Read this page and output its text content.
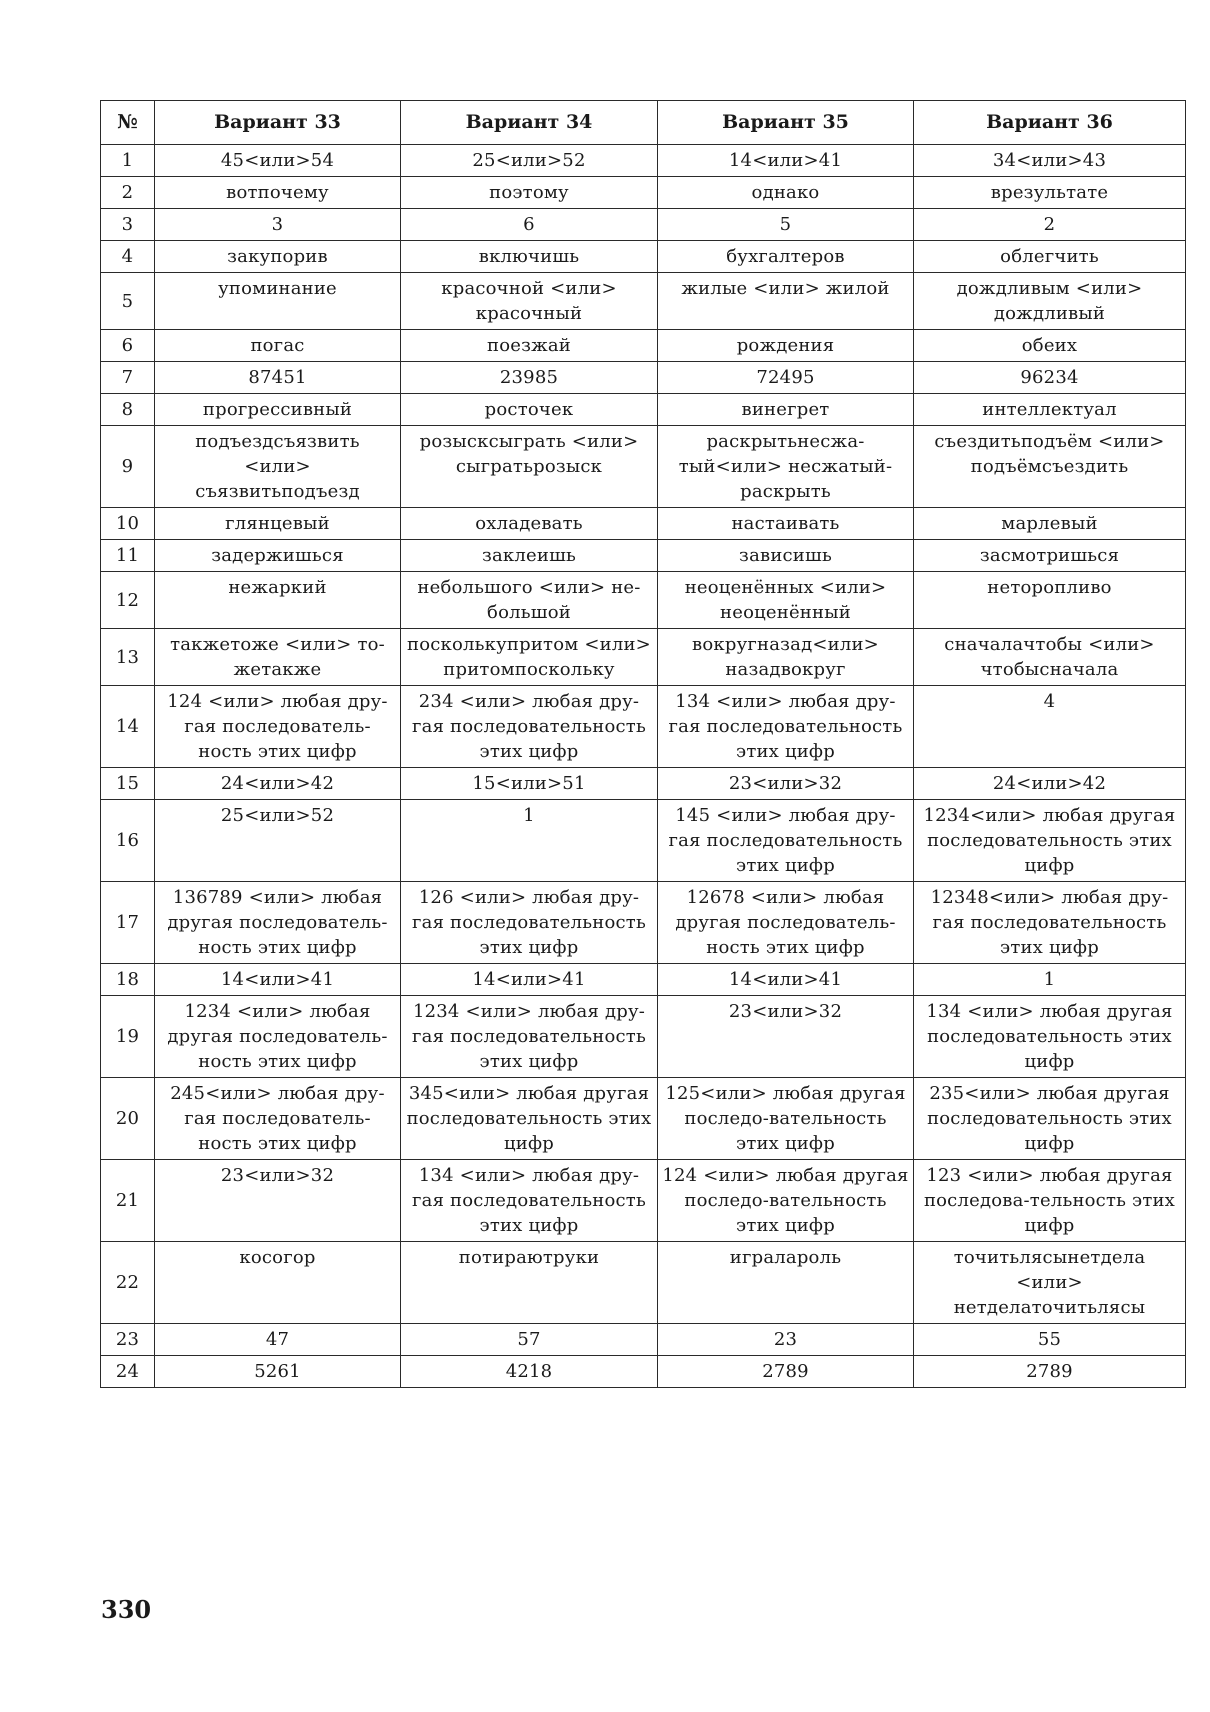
№	Вариант 33	Вариант 34	Вариант 35	Вариант 36
1	45<или>54	25<или>52	14<или>41	34<или>43
2	вотпочему	поэтому	однако	врезультате
3	3	6	5	2
4	закупорив	включишь	бухгалтеров	облегчить
5	упоминание	красочной <или> красочный	жилые <или> жилой	дождливым <или> дождливый
6	погас	поезжай	рождения	обеих
7	87451	23985	72495	96234
8	прогрессивный	росточек	винегрет	интеллектуал
9	подъездсъязвить <или> съязвитьподъезд	розысксыграть <или> сыгратьрозыск	раскрытьнесжа-тый<или> несжатый-раскрыть	съездитьподъём <или> подъёмсъездить
10	глянцевый	охладевать	настаивать	марлевый
11	задержишься	заклеишь	зависишь	засмотришься
12	нежаркий	небольшого <или> не-большой	неоценённых <или> неоценённый	неторопливо
13	такжетоже <или> то-жетакже	посколькупритом <или> притомпоскольку	вокругназад<или> назадвокруг	сначалачтобы <или> чтобысначала
14	124 <или> любая дру-гая последователь-ность этих цифр	234 <или> любая дру-гая последовательность этих цифр	134 <или> любая дру-гая последовательность этих цифр	4
15	24<или>42	15<или>51	23<или>32	24<или>42
16	25<или>52	1	145 <или> любая дру-гая последовательность этих цифр	1234<или> любая другая последовательность этих цифр
17	136789 <или> любая другая последователь-ность этих цифр	126 <или> любая дру-гая последовательность этих цифр	12678 <или> любая другая последователь-ность этих цифр	12348<или> любая дру-гая последовательность этих цифр
18	14<или>41	14<или>41	14<или>41	1
19	1234 <или> любая другая последователь-ность этих цифр	1234 <или> любая дру-гая последовательность этих цифр	23<или>32	134 <или> любая другая последовательность этих цифр
20	245<или> любая дру-гая последователь-ность этих цифр	345<или> любая другая последовательность этих цифр	125<или> любая другая последо-вательность этих цифр	235<или> любая другая последовательность этих цифр
21	23<или>32	134 <или> любая дру-гая последовательность этих цифр	124 <или> любая другая последо-вательность этих цифр	123 <или> любая другая последова-тельность этих цифр
22	косогор	потираютруки	игралароль	точитьлясынетдела <или> нетделаточитьлясы
23	47	57	23	55
24	5261	4218	2789	2789
330
